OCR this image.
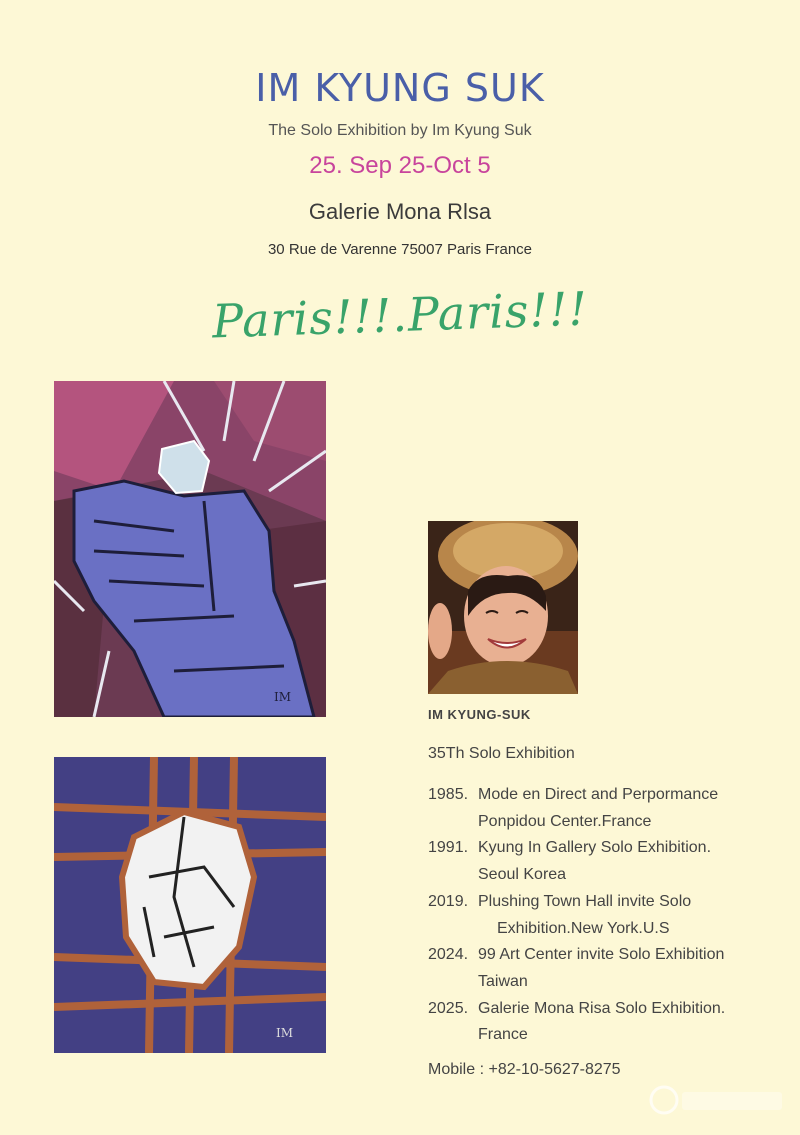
IM KYUNG SUK
The Solo Exhibition by Im Kyung Suk
25. Sep 25-Oct 5
Galerie Mona Rlsa
30 Rue de Varenne 75007 Paris France
Paris!!!.Paris!!!
IM
IM
IM KYUNG-SUK
35Th Solo Exhibition
1985. Mode en Direct and Perpormance
Ponpidou Center.France
1991. Kyung In Gallery Solo Exhibition.
Seoul Korea
2019. Plushing Town Hall invite Solo
Exhibition.New York.U.S
2024. 99 Art Center invite Solo Exhibition
Taiwan
2025. Galerie Mona Risa Solo Exhibition.
France
Mobile : +82-10-5627-8275
